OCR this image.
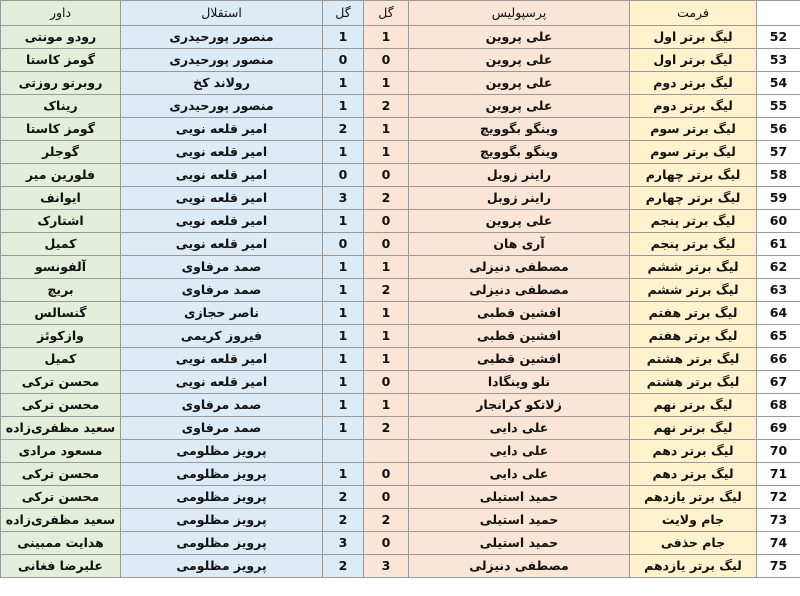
داور	استقلال	گل	گل	پرسپولیس	فرمت	
رودو مونتی	منصور پورحیدری	1	1	علی پروین	لیگ برتر اول	52
گومز کاستا	منصور پورحیدری	0	0	علی پروین	لیگ برتر اول	53
روبرتو روزتی	رولاند کخ	1	1	علی پروین	لیگ برتر دوم	54
ریناک	منصور پورحیدری	1	2	علی پروین	لیگ برتر دوم	55
گومز کاستا	امیر قلعه نویی	2	1	وینگو بگوویچ	لیگ برتر سوم	56
گوجلر	امیر قلعه نویی	1	1	وینگو بگوویچ	لیگ برتر سوم	57
فلورین میر	امیر قلعه نویی	0	0	راینر زوبل	لیگ برتر چهارم	58
ایوانف	امیر قلعه نویی	3	2	راینر زوبل	لیگ برتر چهارم	59
اشتارک	امیر قلعه نویی	1	0	علی پروین	لیگ برتر پنجم	60
کمیل	امیر قلعه نویی	0	0	آری هان	لیگ برتر پنجم	61
آلفونسو	صمد مرفاوی	1	1	مصطفی دنیزلی	لیگ برتر ششم	62
بریچ	صمد مرفاوی	1	2	مصطفی دنیزلی	لیگ برتر ششم	63
گنسالس	ناصر حجازی	1	1	افشین قطبی	لیگ برتر هفتم	64
وازکوئز	فیروز کریمی	1	1	افشین قطبی	لیگ برتر هفتم	65
کمیل	امیر قلعه نویی	1	1	افشین قطبی	لیگ برتر هشتم	66
محسن ترکی	امیر قلعه نویی	1	0	نلو وینگادا	لیگ برتر هشتم	67
محسن ترکی	صمد مرفاوی	1	1	زلاتکو کرانجار	لیگ برتر نهم	68
سعید مظفری‌زاده	صمد مرفاوی	1	2	علی دایی	لیگ برتر نهم	69
مسعود مرادی	پرویز مظلومی			علی دایی	لیگ برتر دهم	70
محسن ترکی	پرویز مظلومی	1	0	علی دایی	لیگ برتر دهم	71
محسن ترکی	پرویز مظلومی	2	0	حمید استیلی	لیگ برتر یازدهم	72
سعید مظفری‌زاده	پرویز مظلومی	2	2	حمید استیلی	جام ولایت	73
هدایت ممبینی	پرویز مظلومی	3	0	حمید استیلی	جام حذفی	74
علیرضا فغانی	پرویز مظلومی	2	3	مصطفی دنیزلی	لیگ برتر یازدهم	75
